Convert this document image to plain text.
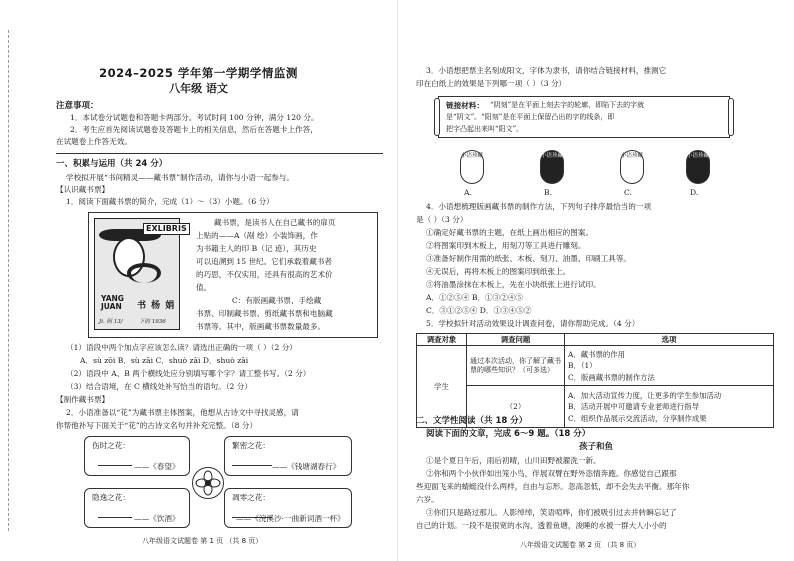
2024–2025 学年第一学期学情监测
八年级 语文
注意事项：
1．本试卷分试题卷和答题卡两部分。考试时间 100 分钟，满分 120 分。
2．考生应首先阅读试题卷及答题卡上的相关信息，然后在答题卡上作答，
在试题卷上作答无效。
一、积累与运用（共 24 分）
学校拟开展“书间精灵——藏书票”制作活动，请你与小语一起参与。
【认识藏书票】
1．阅读下面藏书票的简介，完成（1）～（3）小题。（6 分）
EXLIBRIS
YANG
JUAN 书 杨 娟
Ji. 阿 13/	下的 1936
藏书票，是读书人在自己藏书的扉页
上贴的——A（剐 绘）小装饰画，作
为书籍主人的印 B（记 迹），其历史
可以追溯到 15 世纪。它们承载着藏书者
的巧思，不仅实用，还具有很高的艺术价
值。
C：有版画藏书票、手绘藏
书票、印制藏书票、剪纸藏书票和电脑藏
书票等。其中，版画藏书票数量最多。
（1）语段中两个加点字应该怎么读？请选出正确的一项（ ）（2 分）
A．sù zōi B．sù zāi C．shuò zāi D．shuò zāi
（2）语段中 A、B 两个横线处应分别填写哪个字？请工整书写。（2 分）
（3）结合语境，在 C 横线处补写恰当的语句。（2 分）
【制作藏书票】
2．小语准备以“花”为藏书票主体图案，他想从古诗文中寻找灵感，请
你帮他补写下面关于“花”的古诗文名句并补充完整。（8 分）
伤时之花：

——《春望》
繁密之花：

——《钱塘湖春行》
隐逸之花：

——《饮酒》
凋零之花：

——《浣溪沙·一曲新词酒一杯》
八年级语文试题卷 第 1 页 （共 8 页）
3．小语想把票主名刻成阳文，字体为隶书，请你结合链接材料，推测它
印在白纸上的效果是下列哪一项（ ）（3 分）
链接材料： “阴刻”是在平面上刻去字的轮廓，即陷下去的字就
是“阴文”。“阳刻”是在平面上保留凸出的字的线条，即
把字凸起出来叫“阳文”。
小语珍藏	小语珍藏	小语珍藏	小语珍藏
A.	B.	C.	D.
4．小语想梳理版画藏书票的制作方法，下列句子排序最恰当的一项
是（ ）（3 分）
①确定好藏书票的主题，在纸上画出相应的图案。
②将图案印到木板上，用刻刀等工具进行雕刻。
③准备好制作用需的纸张、木板、刻刀、油墨、印刷工具等。
④无误后，再将木板上的图案印到纸张上。
⑤将油墨涂抹在木板上，先在小块纸张上进行试印。
A．①②⑤④ B．①③②④⑤
C．③①②⑤④ D．①③④⑤②
5．学校拟针对活动效果设计调查问卷，请你帮助完成。（4 分）
调查对象	调查问题	选项
学生	通过本次活动，你了解了藏书票的哪些知识？（可多选）	A．藏书票的作用
B．（1）
C．版画藏书票的制作方法

	（2）	A．加大活动宣传力度，让更多的学生参加活动
B．活动开展中可邀请专业老师进行指导
C．组织作品展示交流活动，分享制作成果
二、文学性阅读（共 18 分）
阅读下面的文章，完成 6～9 题。（18 分）
孩子和鱼
①是个夏日午后，雨后初晴，山川田野被濯洗一新。
②你和两个小伙伴如出笼小鸟，伴展双臂在野外恣情奔跑。你感觉自己跟那
些迎面飞来的蜻蜓没什么两样，自由与忘形。忽高忽低，却不会失去平衡。那年你
六岁。
③你们只是路过那儿。人影绰绰，笑语喧哗，你们被吸引过去并转瞬忘记了
自己的计划。一段不是很宽的水沟，透着鱼塘，浚睡的水被一群大人小小的
八年级语文试题卷 第 2 页 （共 8 页）
